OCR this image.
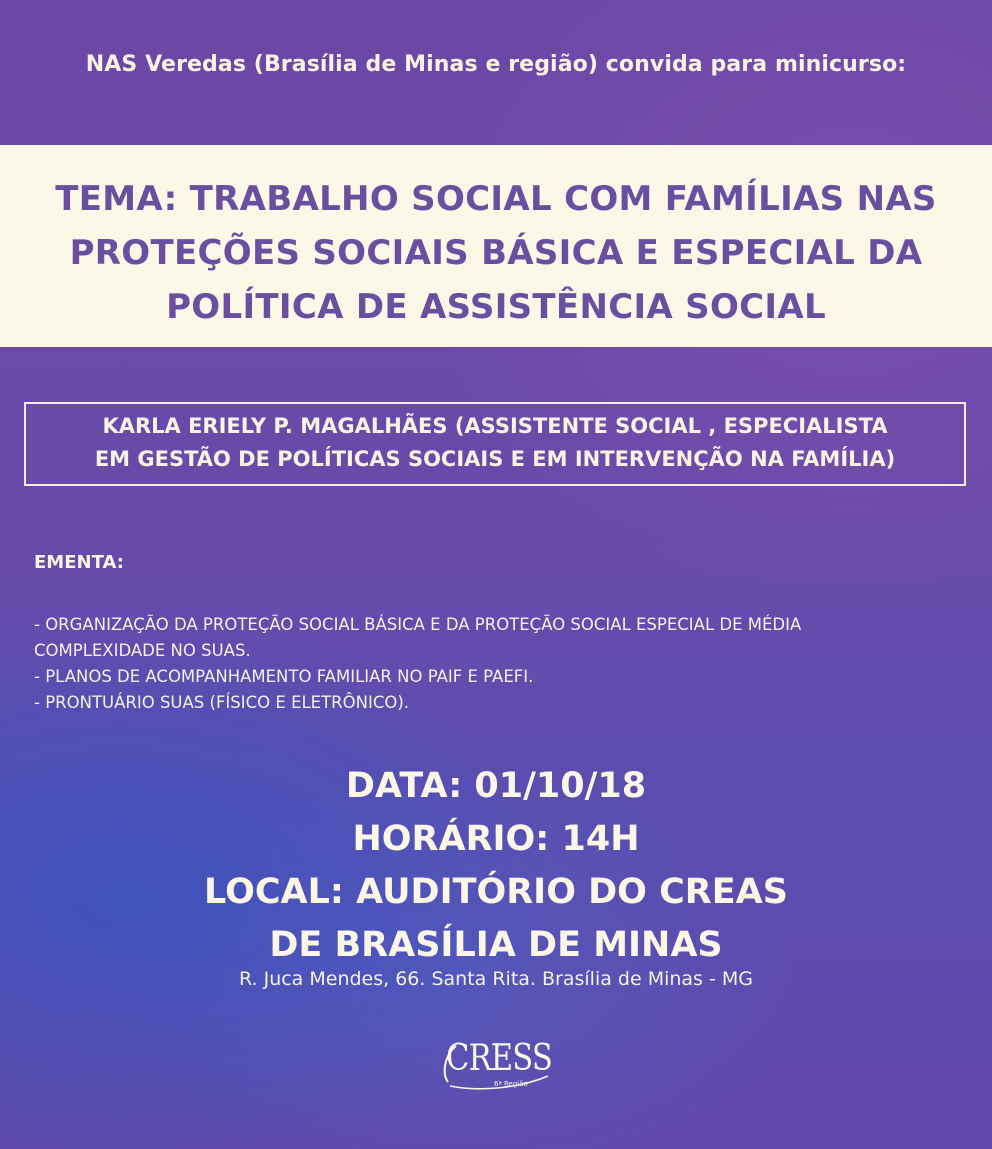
NAS Veredas (Brasília de Minas e região) convida para minicurso:
TEMA: TRABALHO SOCIAL COM FAMÍLIAS NAS
PROTEÇÕES SOCIAIS BÁSICA E ESPECIAL DA
POLÍTICA DE ASSISTÊNCIA SOCIAL
KARLA ERIELY P. MAGALHÃES (ASSISTENTE SOCIAL , ESPECIALISTA
EM GESTÃO DE POLÍTICAS SOCIAIS E EM INTERVENÇÃO NA FAMÍLIA)
EMENTA:
- ORGANIZAÇÃO DA PROTEÇÃO SOCIAL BÁSICA E DA PROTEÇÃO SOCIAL ESPECIAL DE MÉDIA
COMPLEXIDADE NO SUAS.
- PLANOS DE ACOMPANHAMENTO FAMILIAR NO PAIF E PAEFI.
- PRONTUÁRIO SUAS (FÍSICO E ELETRÔNICO).
DATA: 01/10/18
HORÁRIO: 14H
LOCAL: AUDITÓRIO DO CREAS
DE BRASÍLIA DE MINAS
R. Juca Mendes, 66. Santa Rita. Brasília de Minas - MG
CRESS
6ª Região
